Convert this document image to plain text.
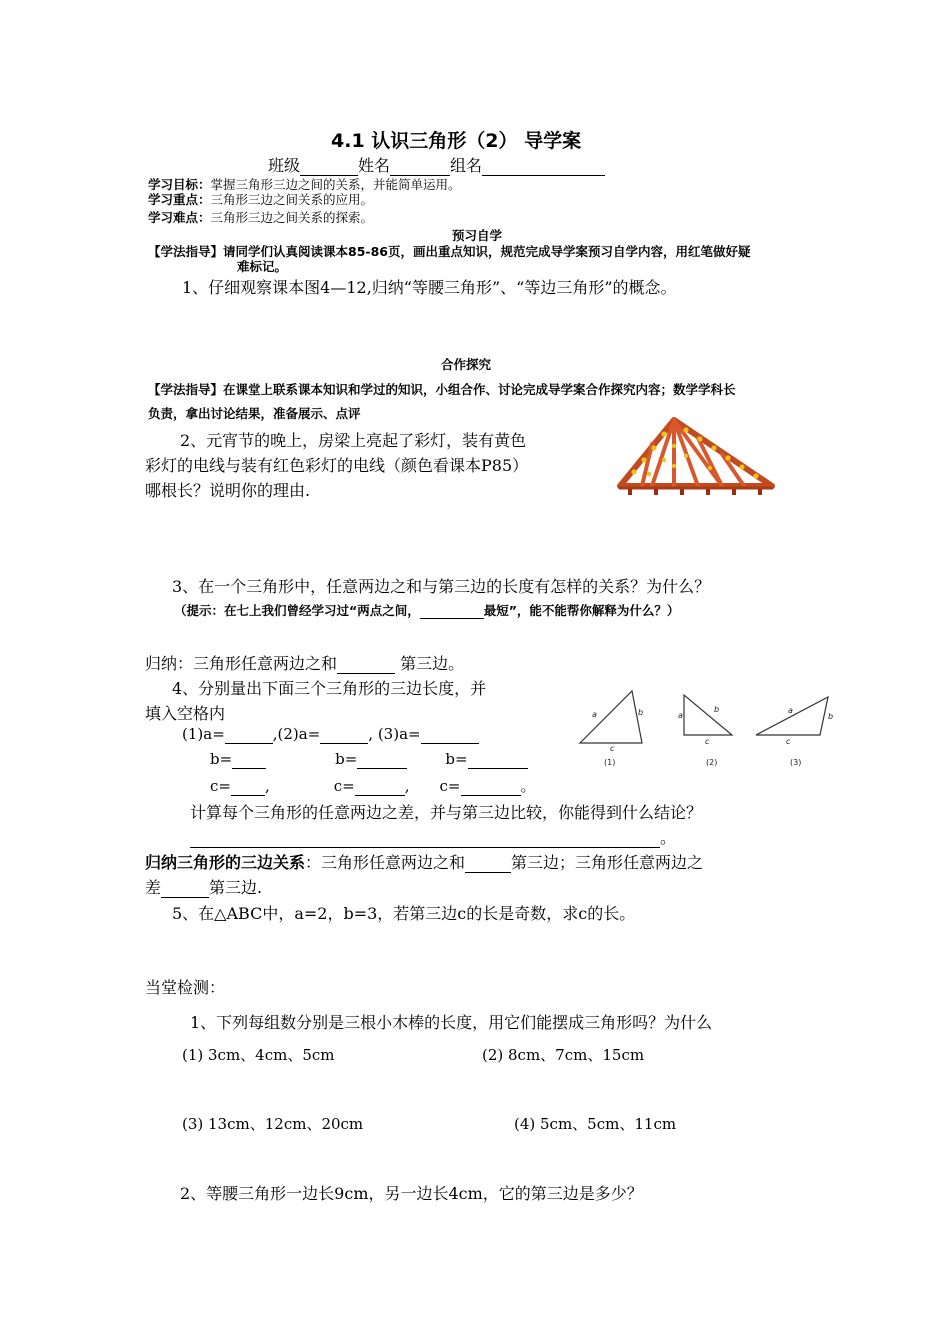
4.1 认识三角形（2） 导学案
班级	姓名	组名
学习目标：掌握三角形三边之间的关系，并能简单运用。
学习重点：三角形三边之间关系的应用。
学习难点：三角形三边之间关系的探索。
预习自学
【学法指导】请同学们认真阅读课本85-86页，画出重点知识，规范完成导学案预习自学内容，用红笔做好疑
难标记。
1、仔细观察课本图4—12,归纳“等腰三角形”、“等边三角形”的概念。
合作探究
【学法指导】在课堂上联系课本知识和学过的知识，小组合作、讨论完成导学案合作探究内容；数学学科长
负责，拿出讨论结果，准备展示、点评
2、元宵节的晚上，房梁上亮起了彩灯，装有黄色
彩灯的电线与装有红色彩灯的电线（颜色看课本P85）
哪根长？说明你的理由.
3、在一个三角形中，任意两边之和与第三边的长度有怎样的关系？为什么？
（提示：在七上我们曾经学习过“两点之间，	最短”，能不能帮你解释为什么？）
归纳：三角形任意两边之和	第三边。
4、分别量出下面三个三角形的三边长度，并
填入空格内
(1)a=	,(2)a=	, (3)a=
b=	b=	b=
c= ,	c=	, c=	。
a	b
c
(1)
a
b
c
(2)
a
b
c
(3)
计算每个三角形的任意两边之差，并与第三边比较，你能得到什么结论？
。
归纳三角形的三边关系：三角形任意两边之和	第三边；三角形任意两边之
差	第三边.
5、在△ABC中，a=2，b=3，若第三边c的长是奇数，求c的长。
当堂检测：
1、下列每组数分别是三根小木棒的长度，用它们能摆成三角形吗？为什么
(1) 3cm、4cm、5cm	(2) 8cm、7cm、15cm
(3) 13cm、12cm、20cm	(4) 5cm、5cm、11cm
2、等腰三角形一边长9cm，另一边长4cm，它的第三边是多少？
